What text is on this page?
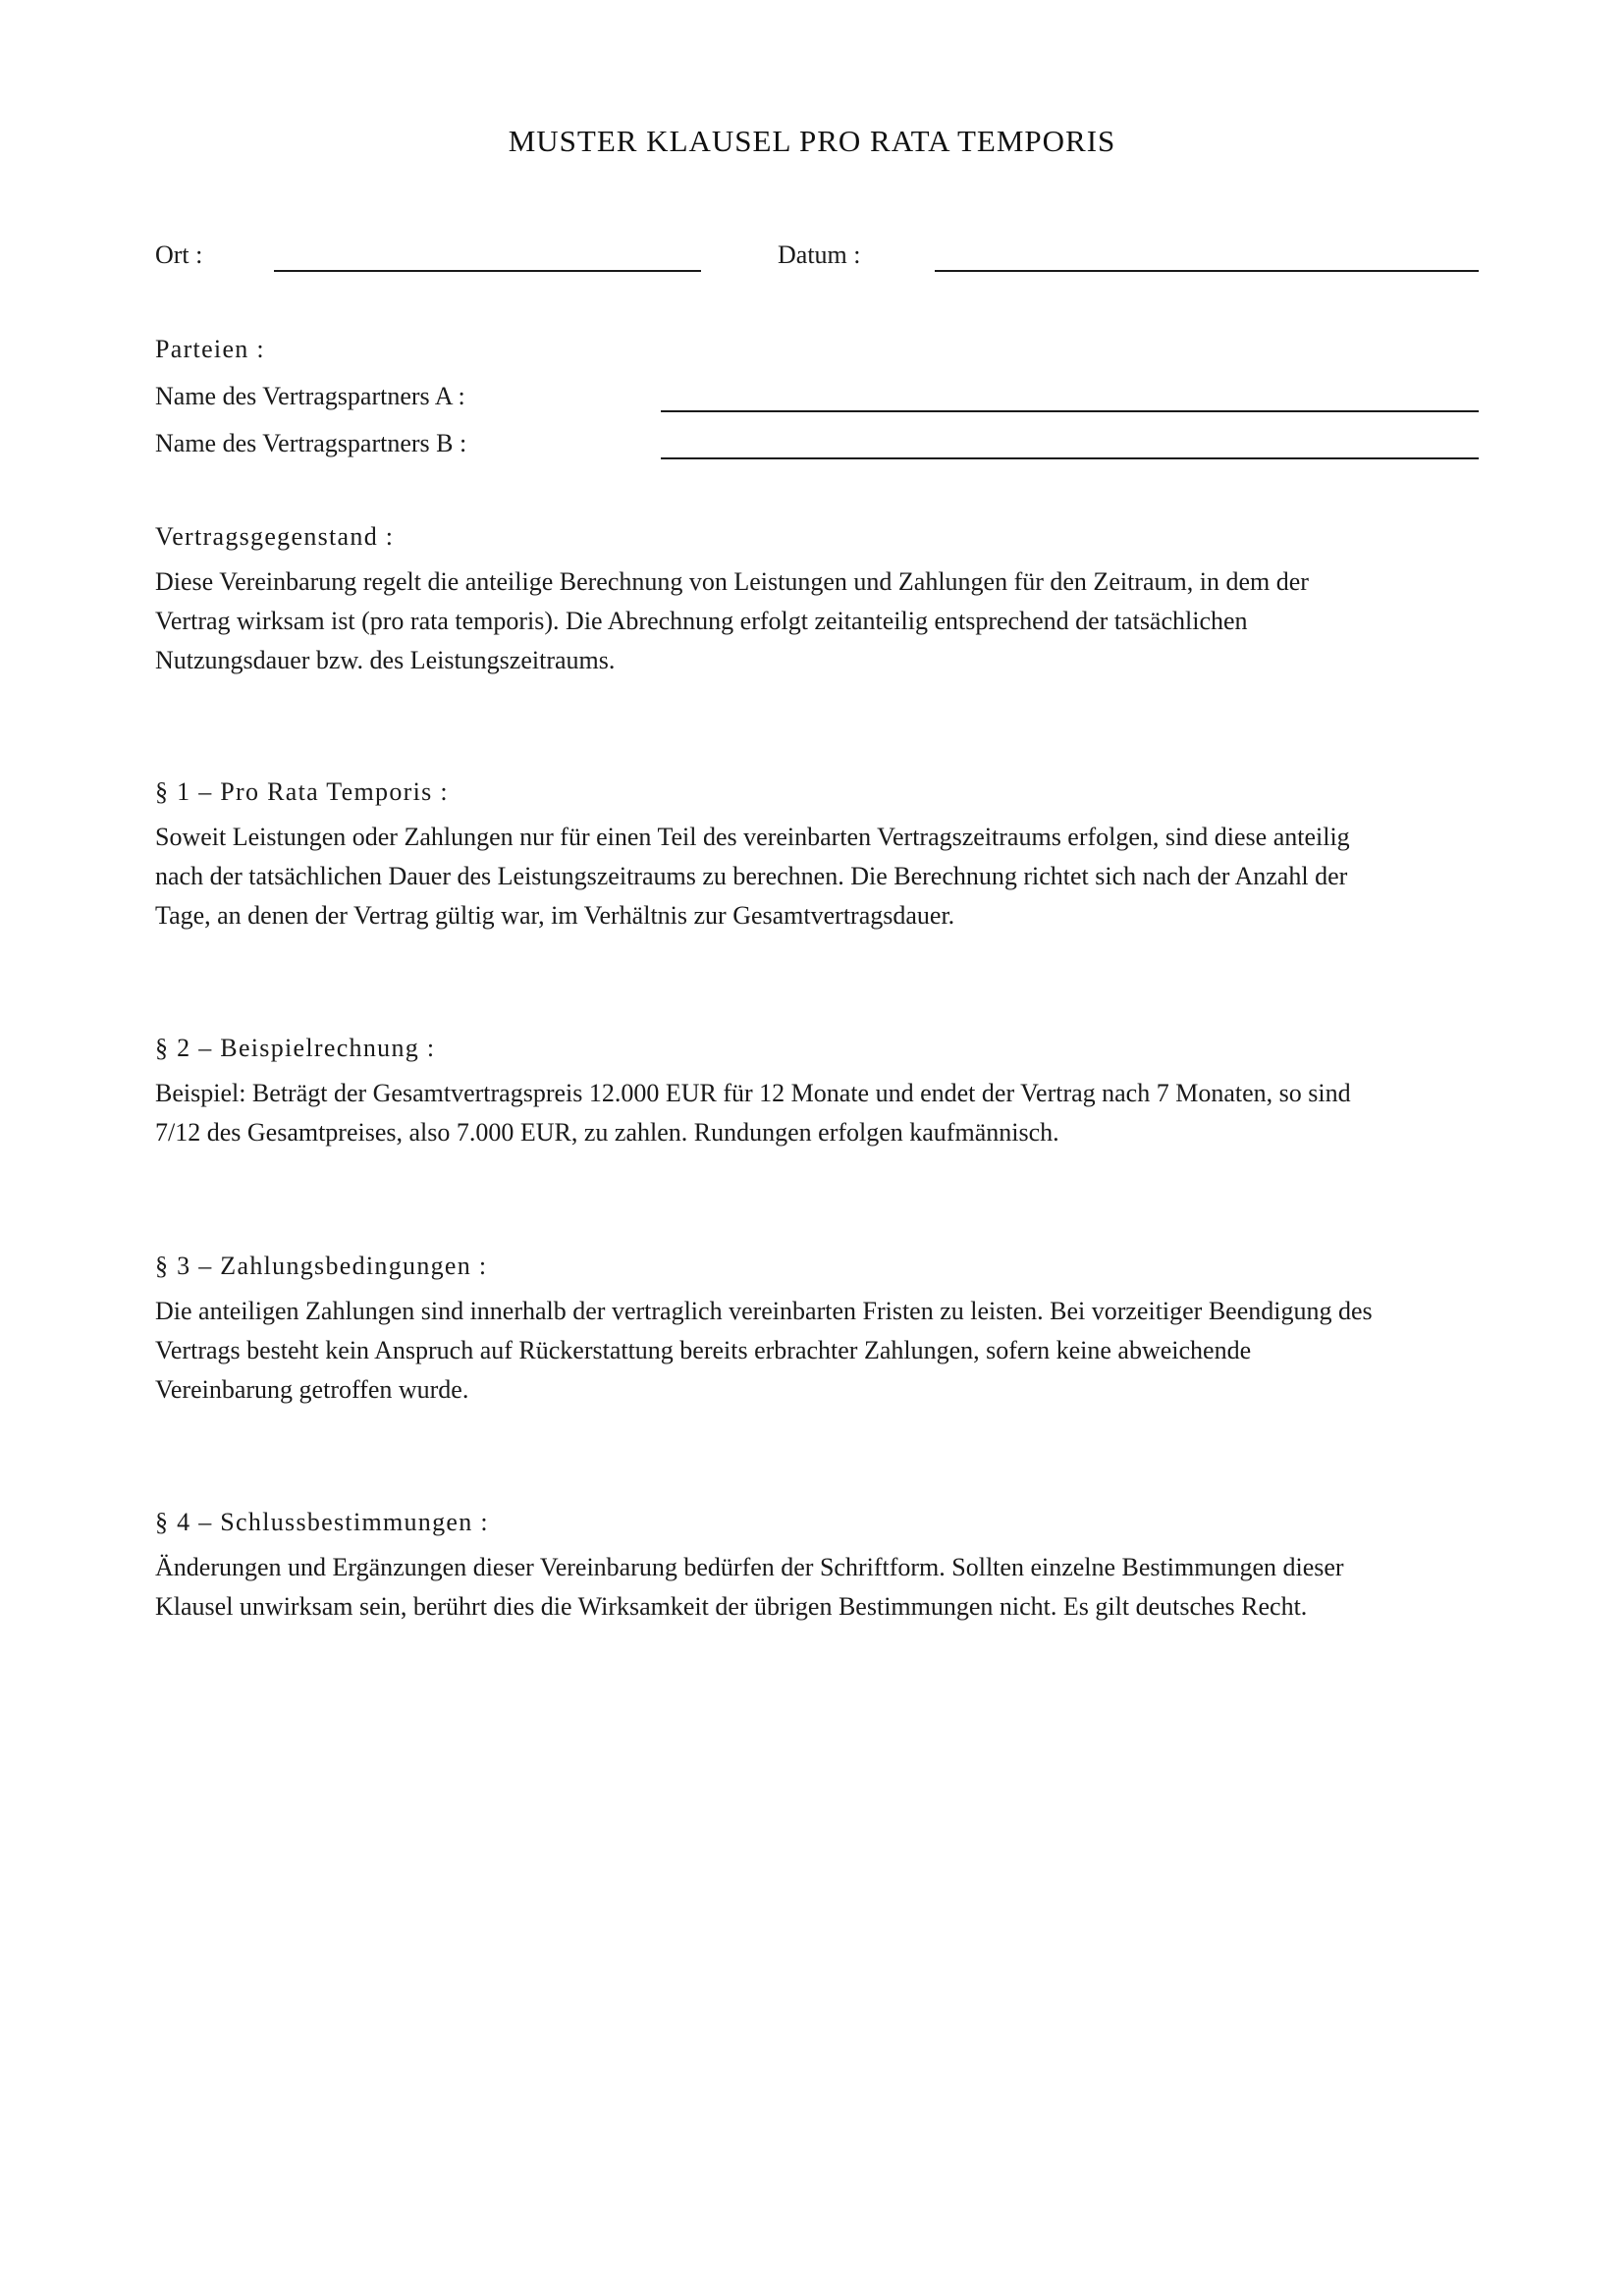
MUSTER KLAUSEL PRO RATA TEMPORIS
Ort :	Datum :
Parteien :
Name des Vertragspartners A :
Name des Vertragspartners B :
Vertragsgegenstand :
Diese Vereinbarung regelt die anteilige Berechnung von Leistungen und Zahlungen für den Zeitraum, in dem der
Vertrag wirksam ist (pro rata temporis). Die Abrechnung erfolgt zeitanteilig entsprechend der tatsächlichen
Nutzungsdauer bzw. des Leistungszeitraums.
§ 1 – Pro Rata Temporis :
Soweit Leistungen oder Zahlungen nur für einen Teil des vereinbarten Vertragszeitraums erfolgen, sind diese anteilig
nach der tatsächlichen Dauer des Leistungszeitraums zu berechnen. Die Berechnung richtet sich nach der Anzahl der
Tage, an denen der Vertrag gültig war, im Verhältnis zur Gesamtvertragsdauer.
§ 2 – Beispielrechnung :
Beispiel: Beträgt der Gesamtvertragspreis 12.000 EUR für 12 Monate und endet der Vertrag nach 7 Monaten, so sind
7/12 des Gesamtpreises, also 7.000 EUR, zu zahlen. Rundungen erfolgen kaufmännisch.
§ 3 – Zahlungsbedingungen :
Die anteiligen Zahlungen sind innerhalb der vertraglich vereinbarten Fristen zu leisten. Bei vorzeitiger Beendigung des
Vertrags besteht kein Anspruch auf Rückerstattung bereits erbrachter Zahlungen, sofern keine abweichende
Vereinbarung getroffen wurde.
§ 4 – Schlussbestimmungen :
Änderungen und Ergänzungen dieser Vereinbarung bedürfen der Schriftform. Sollten einzelne Bestimmungen dieser
Klausel unwirksam sein, berührt dies die Wirksamkeit der übrigen Bestimmungen nicht. Es gilt deutsches Recht.
